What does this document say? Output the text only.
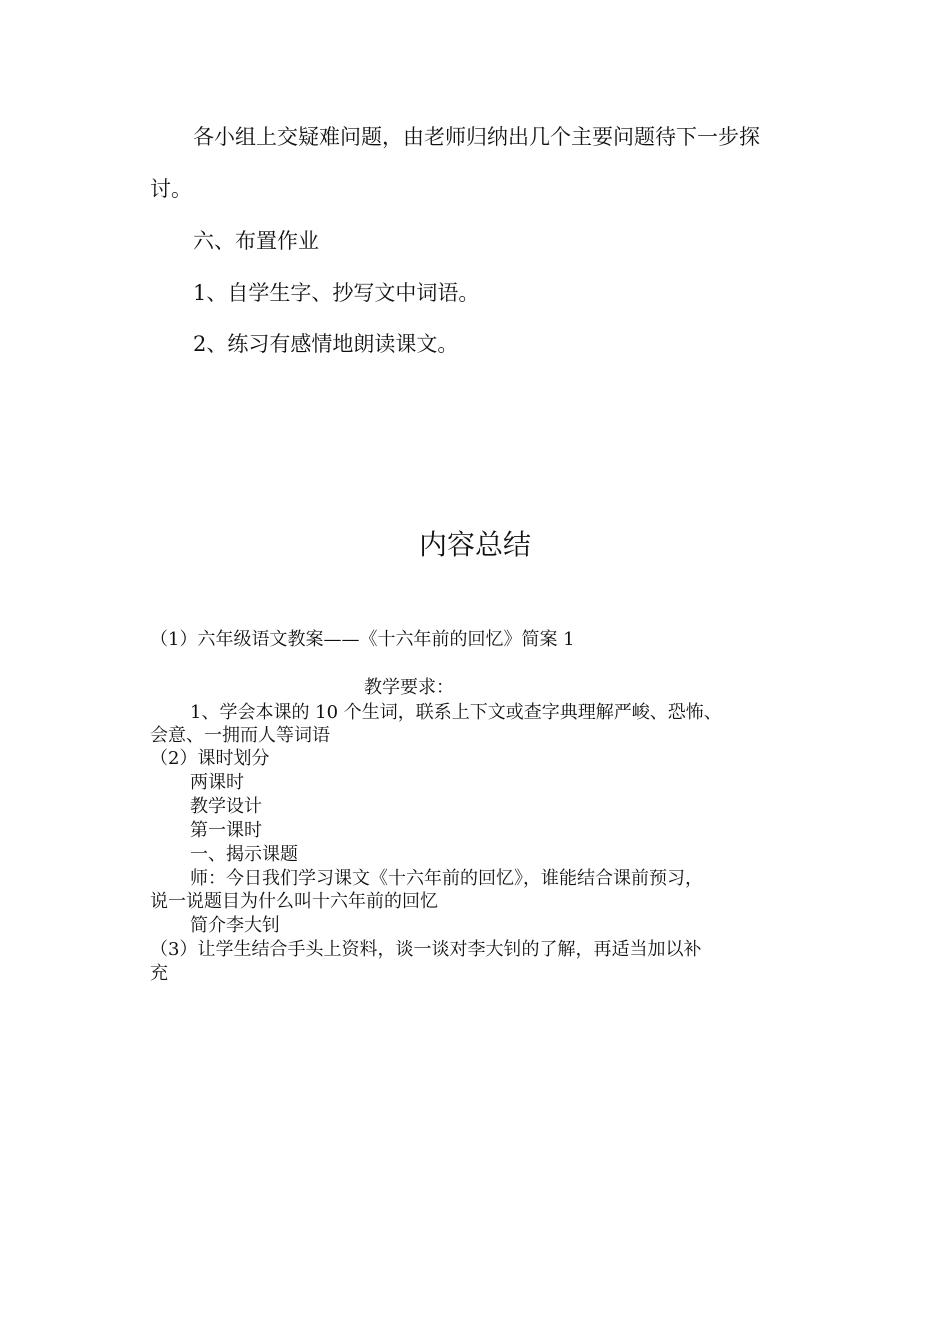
各小组上交疑难问题，由老师归纳出几个主要问题待下一步探

讨。

六、布置作业

1、自学生字、抄写文中词语。

2、练习有感情地朗读课文。

内容总结

（1）六年级语文教案——《十六年前的回忆》简案 1

教学要求：

1、学会本课的 10 个生词，联系上下文或查字典理解严峻、恐怖、

会意、一拥而人等词语

（2）课时划分

两课时

教学设计

第一课时

一、揭示课题

师：今日我们学习课文《十六年前的回忆》，谁能结合课前预习，

说一说题目为什么叫十六年前的回忆

简介李大钊

（3）让学生结合手头上资料，谈一谈对李大钊的了解，再适当加以补

充
